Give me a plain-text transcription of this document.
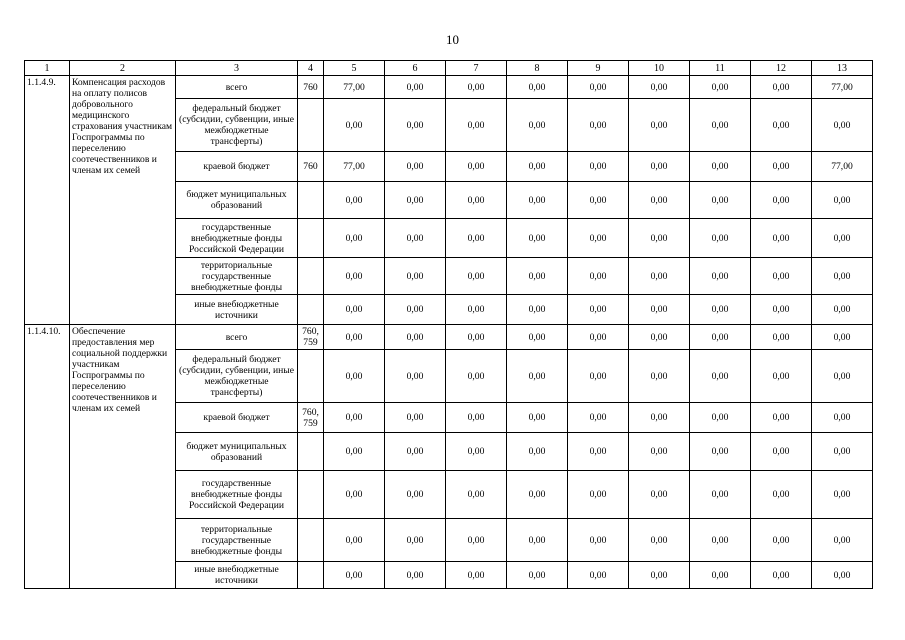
10
1	2	3	4	5	6	7	8	9	10	11	12	13
1.1.4.9.	Компенсация расходов на оплату полисов добровольного медицинского страхования участникам Госпрограммы по переселению соотечественников и членам их семей	всего	760	77,00	0,00	0,00	0,00	0,00	0,00	0,00	0,00	77,00
		федеральный бюджет (субсидии, субвенции, иные межбюджетные трансферты)		0,00	0,00	0,00	0,00	0,00	0,00	0,00	0,00	0,00
		краевой бюджет	760	77,00	0,00	0,00	0,00	0,00	0,00	0,00	0,00	77,00
		бюджет муниципальных образований		0,00	0,00	0,00	0,00	0,00	0,00	0,00	0,00	0,00
		государственные внебюджетные фонды Российской Федерации		0,00	0,00	0,00	0,00	0,00	0,00	0,00	0,00	0,00
		территориальные государственные внебюджетные фонды		0,00	0,00	0,00	0,00	0,00	0,00	0,00	0,00	0,00
		иные внебюджетные источники		0,00	0,00	0,00	0,00	0,00	0,00	0,00	0,00	0,00
1.1.4.10.	Обеспечение предоставления мер социальной поддержки участникам Госпрограммы по переселению соотечественников и членам их семей	всего	760, 759	0,00	0,00	0,00	0,00	0,00	0,00	0,00	0,00	0,00
		федеральный бюджет (субсидии, субвенции, иные межбюджетные трансферты)		0,00	0,00	0,00	0,00	0,00	0,00	0,00	0,00	0,00
		краевой бюджет	760, 759	0,00	0,00	0,00	0,00	0,00	0,00	0,00	0,00	0,00
		бюджет муниципальных образований		0,00	0,00	0,00	0,00	0,00	0,00	0,00	0,00	0,00
		государственные внебюджетные фонды Российской Федерации		0,00	0,00	0,00	0,00	0,00	0,00	0,00	0,00	0,00
		территориальные государственные внебюджетные фонды		0,00	0,00	0,00	0,00	0,00	0,00	0,00	0,00	0,00
		иные внебюджетные источники		0,00	0,00	0,00	0,00	0,00	0,00	0,00	0,00	0,00
